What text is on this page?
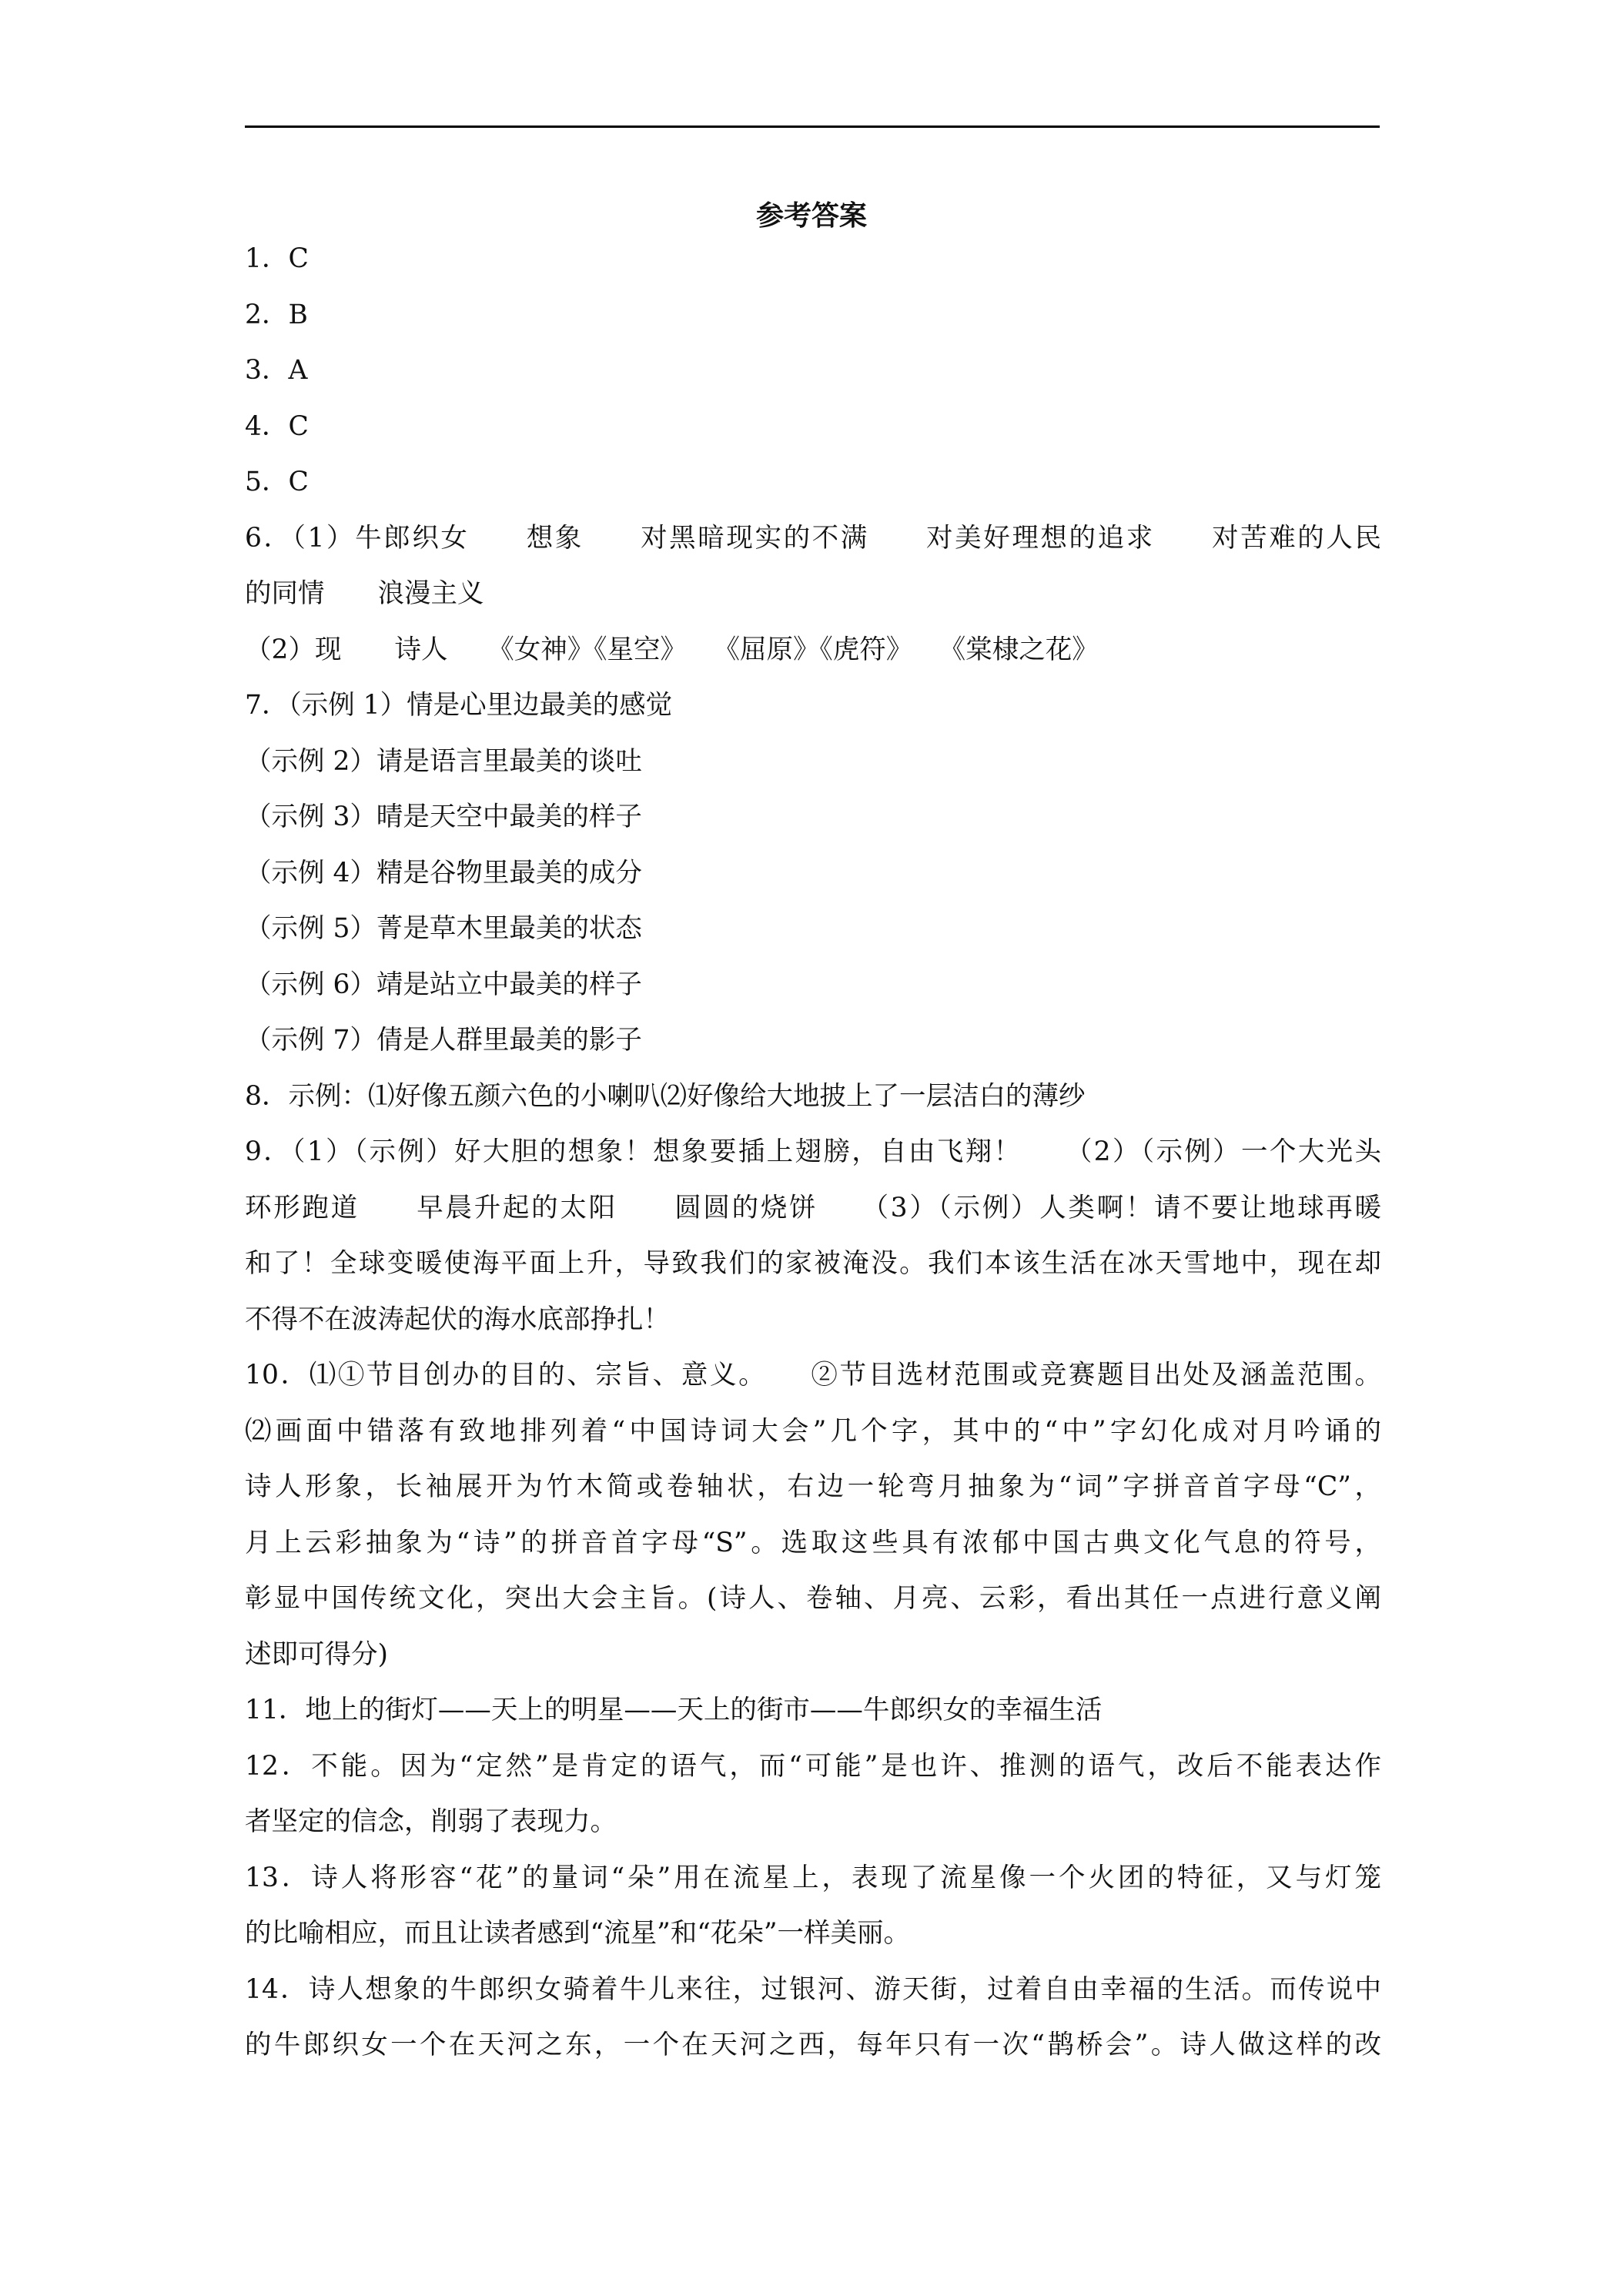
参考答案
1．C
2．B
3．A
4．C
5．C
6．（1）牛郎织女　　想象　　对黑暗现实的不满　　对美好理想的追求　　对苦难的人民
的同情　　浪漫主义
（2）现　　诗人　　《女神》《星空》　　《屈原》《虎符》　　《棠棣之花》
7．（示例 1）情是心里边最美的感觉
（示例 2）请是语言里最美的谈吐
（示例 3）晴是天空中最美的样子
（示例 4）精是谷物里最美的成分
（示例 5）菁是草木里最美的状态
（示例 6）靖是站立中最美的样子
（示例 7）倩是人群里最美的影子
8．示例：⑴好像五颜六色的小喇叭⑵好像给大地披上了一层洁白的薄纱
9．（1）（示例）好大胆的想象！想象要插上翅膀，自由飞翔！　　（2）（示例）一个大光头
环形跑道　　早晨升起的太阳　　圆圆的烧饼　　（3）（示例）人类啊！请不要让地球再暖
和了！全球变暖使海平面上升，导致我们的家被淹没。我们本该生活在冰天雪地中，现在却
不得不在波涛起伏的海水底部挣扎！
10．⑴①节目创办的目的、宗旨、意义。　　②节目选材范围或竞赛题目出处及涵盖范围。
⑵画面中错落有致地排列着“中国诗词大会”几个字，其中的“中”字幻化成对月吟诵的
诗人形象，长袖展开为竹木简或卷轴状，右边一轮弯月抽象为“词”字拼音首字母“C”，
月上云彩抽象为“诗”的拼音首字母“S”。选取这些具有浓郁中国古典文化气息的符号，
彰显中国传统文化，突出大会主旨。(诗人、卷轴、月亮、云彩，看出其任一点进行意义阐
述即可得分)
11．地上的街灯——天上的明星——天上的街市——牛郎织女的幸福生活
12．不能。因为“定然”是肯定的语气，而“可能”是也许、推测的语气，改后不能表达作
者坚定的信念，削弱了表现力。
13．诗人将形容“花”的量词“朵”用在流星上，表现了流星像一个火团的特征，又与灯笼
的比喻相应，而且让读者感到“流星”和“花朵”一样美丽。
14．诗人想象的牛郎织女骑着牛儿来往，过银河、游天街，过着自由幸福的生活。而传说中
的牛郎织女一个在天河之东，一个在天河之西，每年只有一次“鹊桥会”。诗人做这样的改
